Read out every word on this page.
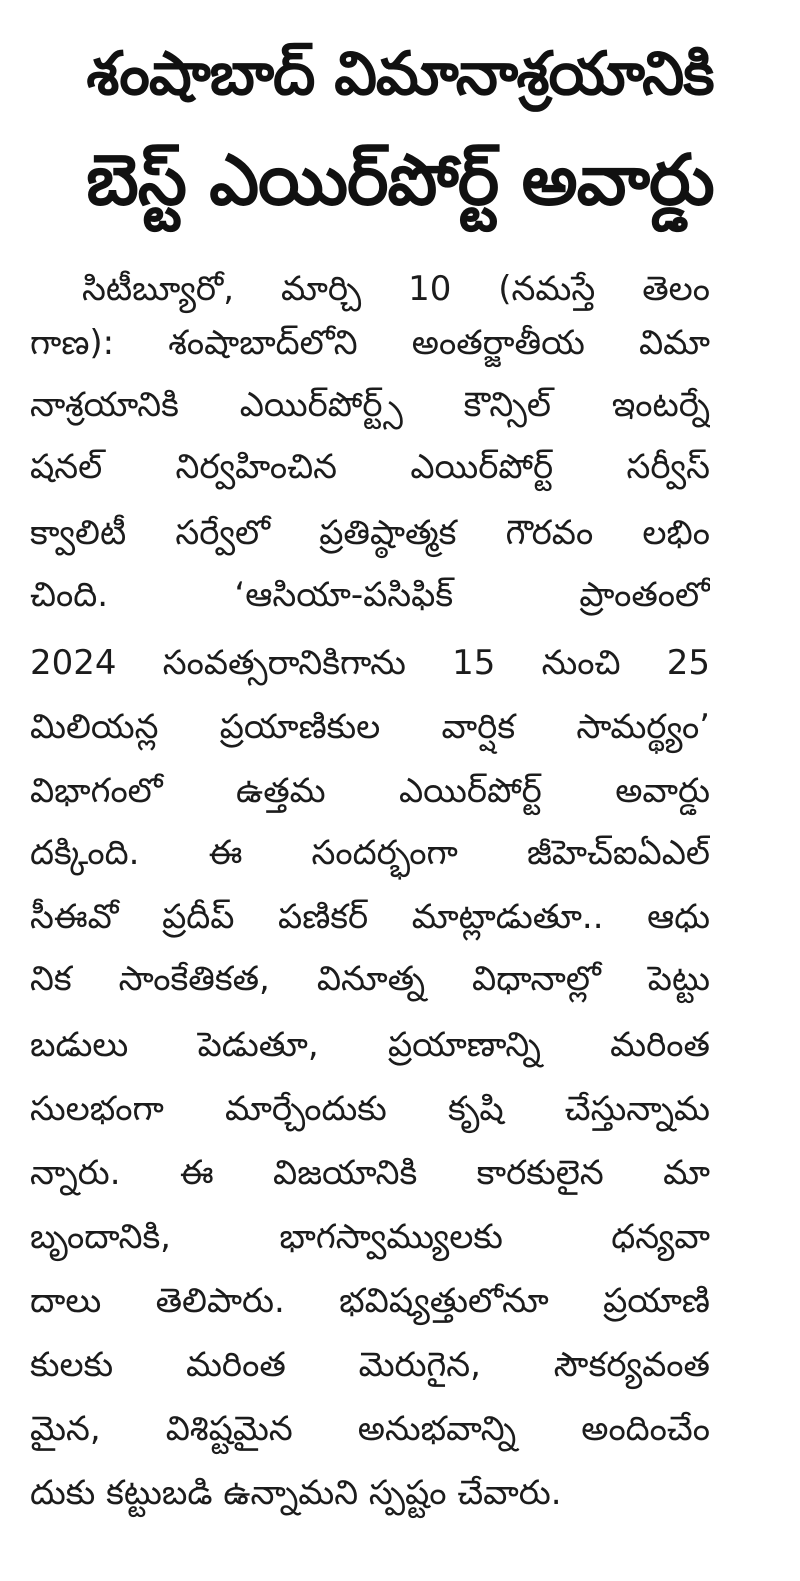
శంషాబాద్ విమానాశ్రయానికి
బెస్ట్ ఎయిర్‌పోర్ట్ అవార్డు
సిటీబ్యూరో, మార్చి 10 (నమస్తే తెలం
గాణ): శంషాబాద్‌లోని అంతర్జాతీయ విమా
నాశ్రయానికి ఎయిర్‌పోర్ట్స్ కౌన్సిల్ ఇంటర్నే
షనల్ నిర్వహించిన ఎయిర్‌పోర్ట్ సర్వీస్
క్వాలిటీ సర్వేలో ప్రతిష్ఠాత్మక గౌరవం లభిం
చింది. ‘ఆసియా-పసిఫిక్ ప్రాంతంలో
2024 సంవత్సరానికిగాను 15 నుంచి 25
మిలియన్ల ప్రయాణికుల వార్షిక సామర్థ్యం’
విభాగంలో ఉత్తమ ఎయిర్‌పోర్ట్ అవార్డు
దక్కింది. ఈ సందర్భంగా జీహెచ్ఐఏఎల్
సీఈవో ప్రదీప్ పణికర్ మాట్లాడుతూ.. ఆధు
నిక సాంకేతికత, వినూత్న విధానాల్లో పెట్టు
బడులు పెడుతూ, ప్రయాణాన్ని మరింత
సులభంగా మార్చేందుకు కృషి చేస్తున్నామ
న్నారు. ఈ విజయానికి కారకులైన మా
బృందానికి, భాగస్వామ్యులకు ధన్యవా
దాలు తెలిపారు. భవిష్యత్తులోనూ ప్రయాణి
కులకు మరింత మెరుగైన, సౌకర్యవంత
మైన, విశిష్టమైన అనుభవాన్ని అందించేం
దుకు కట్టుబడి ఉన్నామని స్పష్టం చేవారు.
